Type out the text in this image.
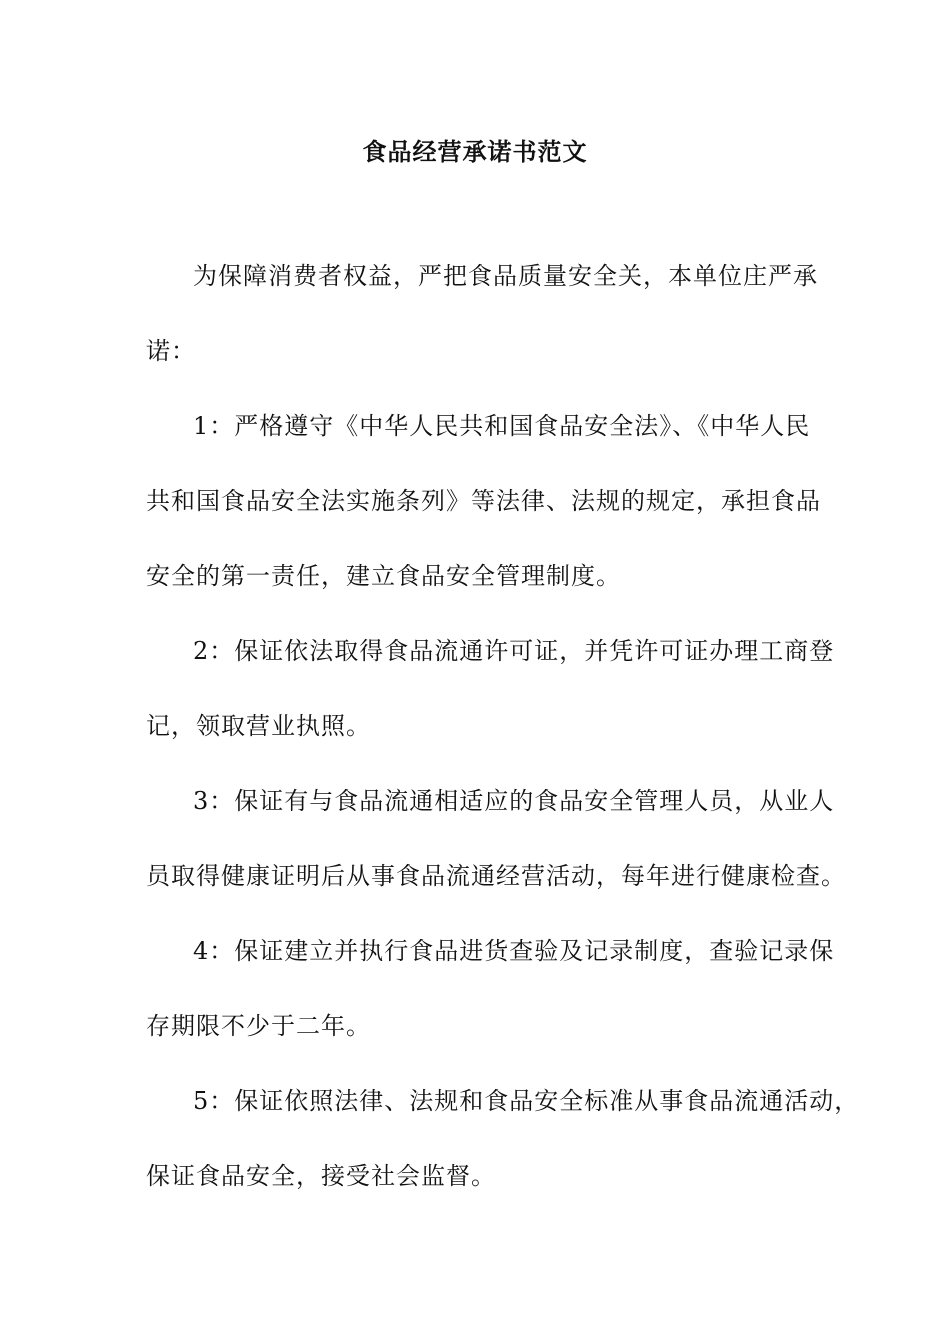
食品经营承诺书范文
为保障消费者权益，严把食品质量安全关，本单位庄严承
诺：
1：严格遵守《中华人民共和国食品安全法》、《中华人民
共和国食品安全法实施条列》等法律、法规的规定，承担食品
安全的第一责任，建立食品安全管理制度。
2：保证依法取得食品流通许可证，并凭许可证办理工商登
记，领取营业执照。
3：保证有与食品流通相适应的食品安全管理人员，从业人
员取得健康证明后从事食品流通经营活动，每年进行健康检查。
4：保证建立并执行食品进货查验及记录制度，查验记录保
存期限不少于二年。
5：保证依照法律、法规和食品安全标准从事食品流通活动，
保证食品安全，接受社会监督。
